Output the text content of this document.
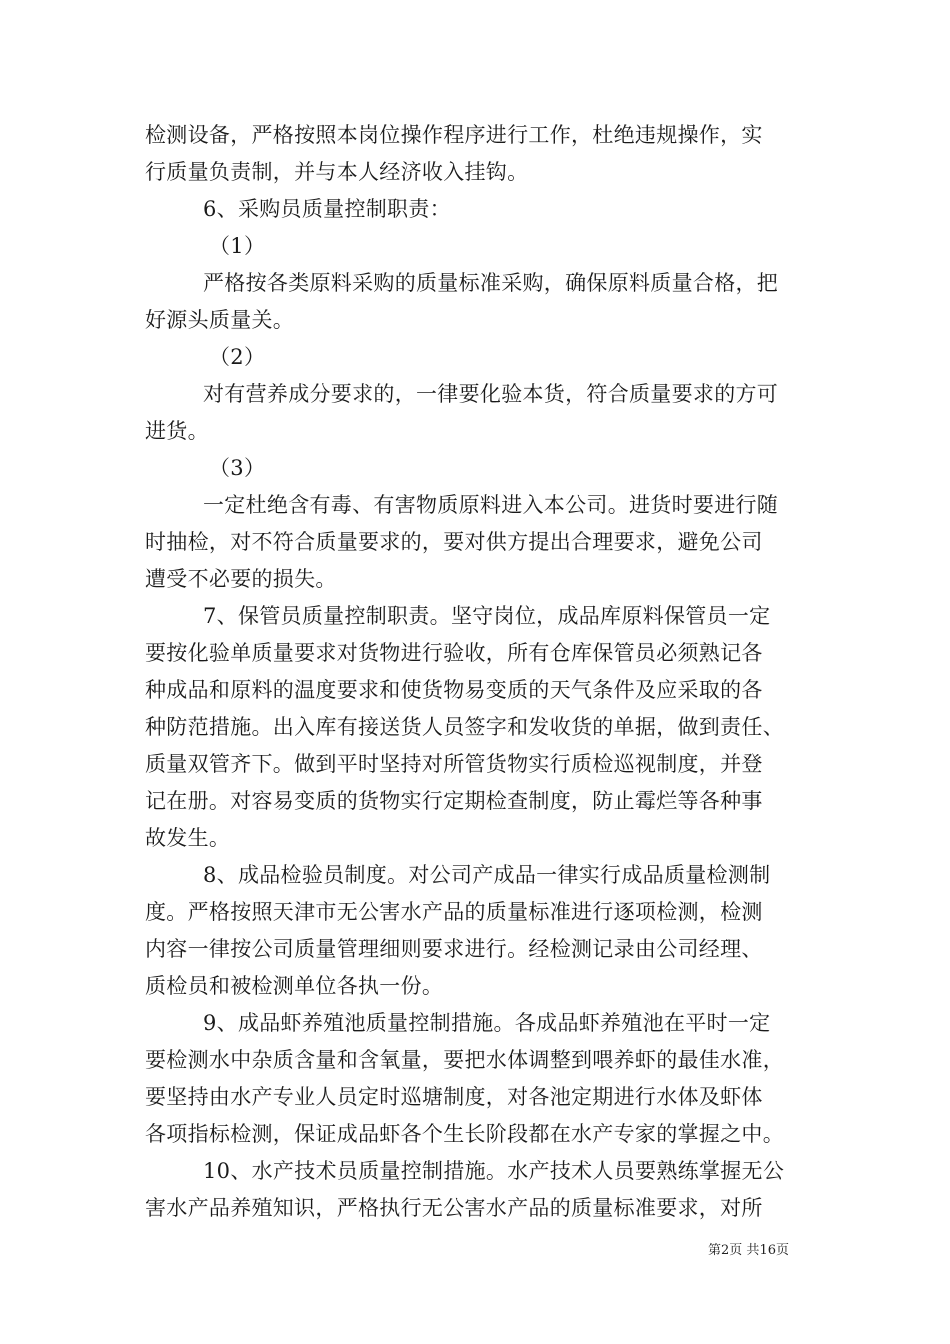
检测设备，严格按照本岗位操作程序进行工作，杜绝违规操作，实
行质量负责制，并与本人经济收入挂钩。
6、采购员质量控制职责：
（1）
严格按各类原料采购的质量标准采购，确保原料质量合格，把
好源头质量关。
（2）
对有营养成分要求的，一律要化验本货，符合质量要求的方可
进货。
（3）
一定杜绝含有毒、有害物质原料进入本公司。进货时要进行随
时抽检，对不符合质量要求的，要对供方提出合理要求，避免公司
遭受不必要的损失。
7、保管员质量控制职责。坚守岗位，成品库原料保管员一定
要按化验单质量要求对货物进行验收，所有仓库保管员必须熟记各
种成品和原料的温度要求和使货物易变质的天气条件及应采取的各
种防范措施。出入库有接送货人员签字和发收货的单据，做到责任、
质量双管齐下。做到平时坚持对所管货物实行质检巡视制度，并登
记在册。对容易变质的货物实行定期检查制度，防止霉烂等各种事
故发生。
8、成品检验员制度。对公司产成品一律实行成品质量检测制
度。严格按照天津市无公害水产品的质量标准进行逐项检测，检测
内容一律按公司质量管理细则要求进行。经检测记录由公司经理、
质检员和被检测单位各执一份。
9、成品虾养殖池质量控制措施。各成品虾养殖池在平时一定
要检测水中杂质含量和含氧量，要把水体调整到喂养虾的最佳水准，
要坚持由水产专业人员定时巡塘制度，对各池定期进行水体及虾体
各项指标检测，保证成品虾各个生长阶段都在水产专家的掌握之中。
10、水产技术员质量控制措施。水产技术人员要熟练掌握无公
害水产品养殖知识，严格执行无公害水产品的质量标准要求，对所
第2页 共16页
